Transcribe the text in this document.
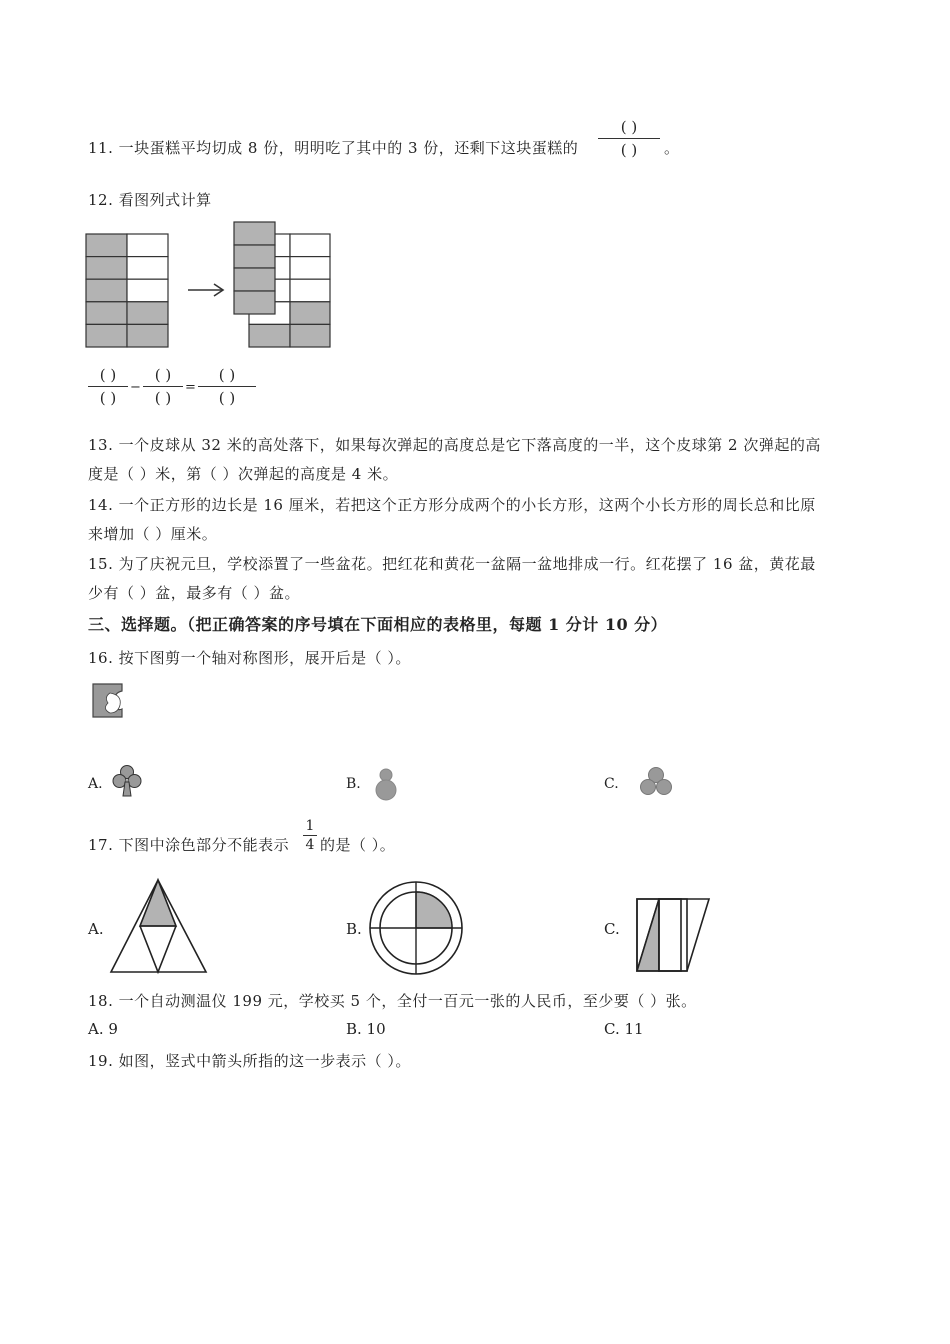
11. 一块蛋糕平均切成 8 份，明明吃了其中的 3 份，还剩下这块蛋糕的
( )
( )	。
12. 看图列式计算
( )
( )
−
( )
( )
=
( )
( )
13. 一个皮球从 32 米的高处落下，如果每次弹起的高度总是它下落高度的一半，这个皮球第 2 次弹起的高
度是（ ）米，第（ ）次弹起的高度是 4 米。
14. 一个正方形的边长是 16 厘米，若把这个正方形分成两个的小长方形，这两个小长方形的周长总和比原
来增加（ ）厘米。
15. 为了庆祝元旦，学校添置了一些盆花。把红花和黄花一盆隔一盆地排成一行。红花摆了 16 盆，黄花最
少有（ ）盆，最多有（ ）盆。
三、选择题。（把正确答案的序号填在下面相应的表格里，每题 1 分计 10 分）
16. 按下图剪一个轴对称图形，展开后是（ ）。
A.	B.	C.
17. 下图中涂色部分不能表示
1
4 的是（ ）。
A.	B.	C.
18. 一个自动测温仪 199 元，学校买 5 个，全付一百元一张的人民币，至少要（ ）张。
A. 9	B. 10	C. 11
19. 如图，竖式中箭头所指的这一步表示（ ）。
